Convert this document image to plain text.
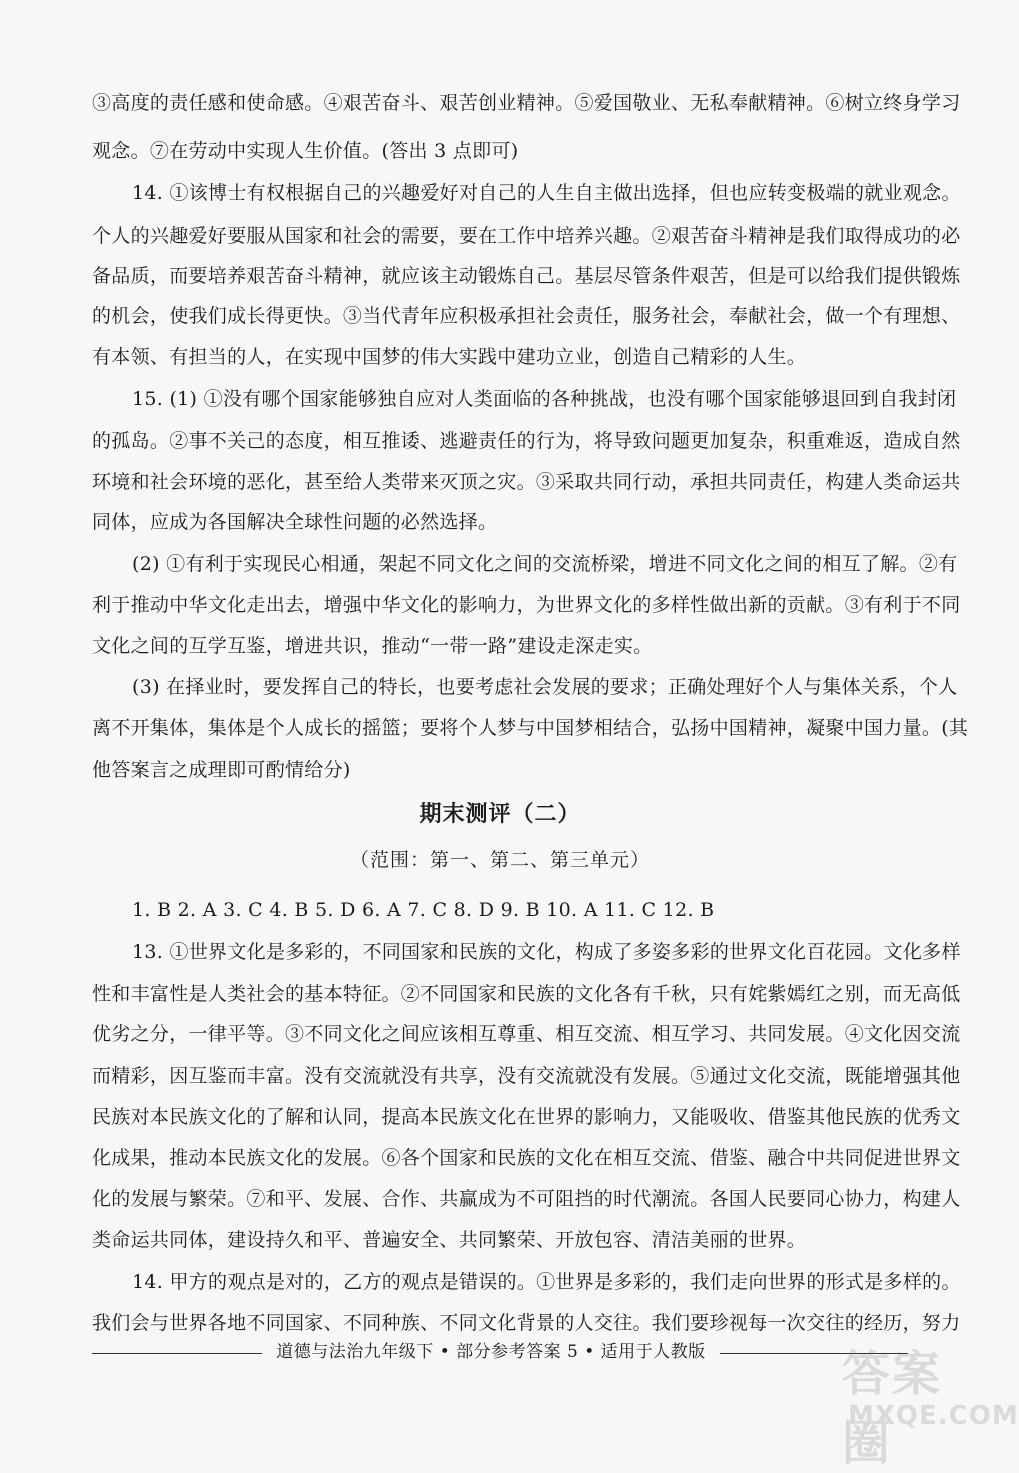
③高度的责任感和使命感。④艰苦奋斗、艰苦创业精神。⑤爱国敬业、无私奉献精神。⑥树立终身学习

观念。⑦在劳动中实现人生价值。(答出 3 点即可)

14. ①该博士有权根据自己的兴趣爱好对自己的人生自主做出选择，但也应转变极端的就业观念。

个人的兴趣爱好要服从国家和社会的需要，要在工作中培养兴趣。②艰苦奋斗精神是我们取得成功的必

备品质，而要培养艰苦奋斗精神，就应该主动锻炼自己。基层尽管条件艰苦，但是可以给我们提供锻炼

的机会，使我们成长得更快。③当代青年应积极承担社会责任，服务社会，奉献社会，做一个有理想、

有本领、有担当的人，在实现中国梦的伟大实践中建功立业，创造自己精彩的人生。

15. (1) ①没有哪个国家能够独自应对人类面临的各种挑战，也没有哪个国家能够退回到自我封闭

的孤岛。②事不关己的态度，相互推诿、逃避责任的行为，将导致问题更加复杂，积重难返，造成自然

环境和社会环境的恶化，甚至给人类带来灭顶之灾。③采取共同行动，承担共同责任，构建人类命运共

同体，应成为各国解决全球性问题的必然选择。

(2) ①有利于实现民心相通，架起不同文化之间的交流桥梁，增进不同文化之间的相互了解。②有

利于推动中华文化走出去，增强中华文化的影响力，为世界文化的多样性做出新的贡献。③有利于不同

文化之间的互学互鉴，增进共识，推动“一带一路”建设走深走实。

(3) 在择业时，要发挥自己的特长，也要考虑社会发展的要求；正确处理好个人与集体关系，个人

离不开集体，集体是个人成长的摇篮；要将个人梦与中国梦相结合，弘扬中国精神，凝聚中国力量。(其

他答案言之成理即可酌情给分)

期末测评（二）

（范围：第一、第二、第三单元）

1. B 2. A 3. C 4. B 5. D 6. A 7. C 8. D 9. B 10. A 11. C 12. B

13. ①世界文化是多彩的，不同国家和民族的文化，构成了多姿多彩的世界文化百花园。文化多样

性和丰富性是人类社会的基本特征。②不同国家和民族的文化各有千秋，只有姹紫嫣红之别，而无高低

优劣之分，一律平等。③不同文化之间应该相互尊重、相互交流、相互学习、共同发展。④文化因交流

而精彩，因互鉴而丰富。没有交流就没有共享，没有交流就没有发展。⑤通过文化交流，既能增强其他

民族对本民族文化的了解和认同，提高本民族文化在世界的影响力，又能吸收、借鉴其他民族的优秀文

化成果，推动本民族文化的发展。⑥各个国家和民族的文化在相互交流、借鉴、融合中共同促进世界文

化的发展与繁荣。⑦和平、发展、合作、共赢成为不可阻挡的时代潮流。各国人民要同心协力，构建人

类命运共同体，建设持久和平、普遍安全、共同繁荣、开放包容、清洁美丽的世界。

14. 甲方的观点是对的，乙方的观点是错误的。①世界是多彩的，我们走向世界的形式是多样的。

我们会与世界各地不同国家、不同种族、不同文化背景的人交往。我们要珍视每一次交往的经历，努力

道德与法治九年级下 • 部分参考答案 5 • 适用于人教版	答案圈
MXQE.COM
